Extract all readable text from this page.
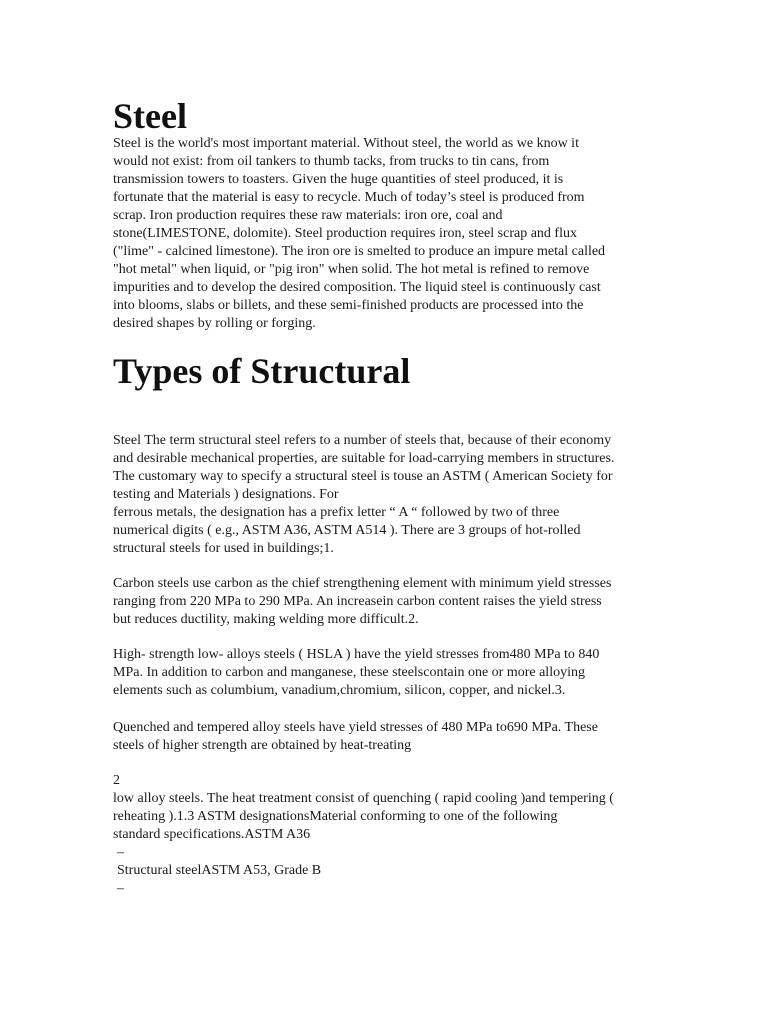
Steel

Steel is the world's most important material. Without steel, the world as we know it
would not exist: from oil tankers to thumb tacks, from trucks to tin cans, from
transmission towers to toasters. Given the huge quantities of steel produced, it is
fortunate that the material is easy to recycle. Much of today’s steel is produced from
scrap. Iron production requires these raw materials: iron ore, coal and
stone(LIMESTONE, dolomite). Steel production requires iron, steel scrap and flux
("lime" - calcined limestone). The iron ore is smelted to produce an impure metal called
"hot metal" when liquid, or "pig iron" when solid. The hot metal is refined to remove
impurities and to develop the desired composition. The liquid steel is continuously cast
into blooms, slabs or billets, and these semi-finished products are processed into the
desired shapes by rolling or forging.

Types of Structural

Steel The term structural steel refers to a number of steels that, because of their economy
and desirable mechanical properties, are suitable for load-carrying members in structures.
The customary way to specify a structural steel is touse an ASTM ( American Society for
testing and Materials ) designations. For
ferrous metals, the designation has a prefix letter “ A “ followed by two of three
numerical digits ( e.g., ASTM A36, ASTM A514 ). There are 3 groups of hot-rolled
structural steels for used in buildings;1.

Carbon steels use carbon as the chief strengthening element with minimum yield stresses
ranging from 220 MPa to 290 MPa. An increasein carbon content raises the yield stress
but reduces ductility, making welding more difficult.2.

High- strength low- alloys steels ( HSLA ) have the yield stresses from480 MPa to 840
MPa. In addition to carbon and manganese, these steelscontain one or more alloying
elements such as columbium, vanadium,chromium, silicon, copper, and nickel.3.

Quenched and tempered alloy steels have yield stresses of 480 MPa to690 MPa. These
steels of higher strength are obtained by heat-treating

2

low alloy steels. The heat treatment consist of quenching ( rapid cooling )and tempering (
reheating ).1.3 ASTM designationsMaterial conforming to one of the following
standard specifications.ASTM A36
–
Structural steelASTM A53, Grade B
–
